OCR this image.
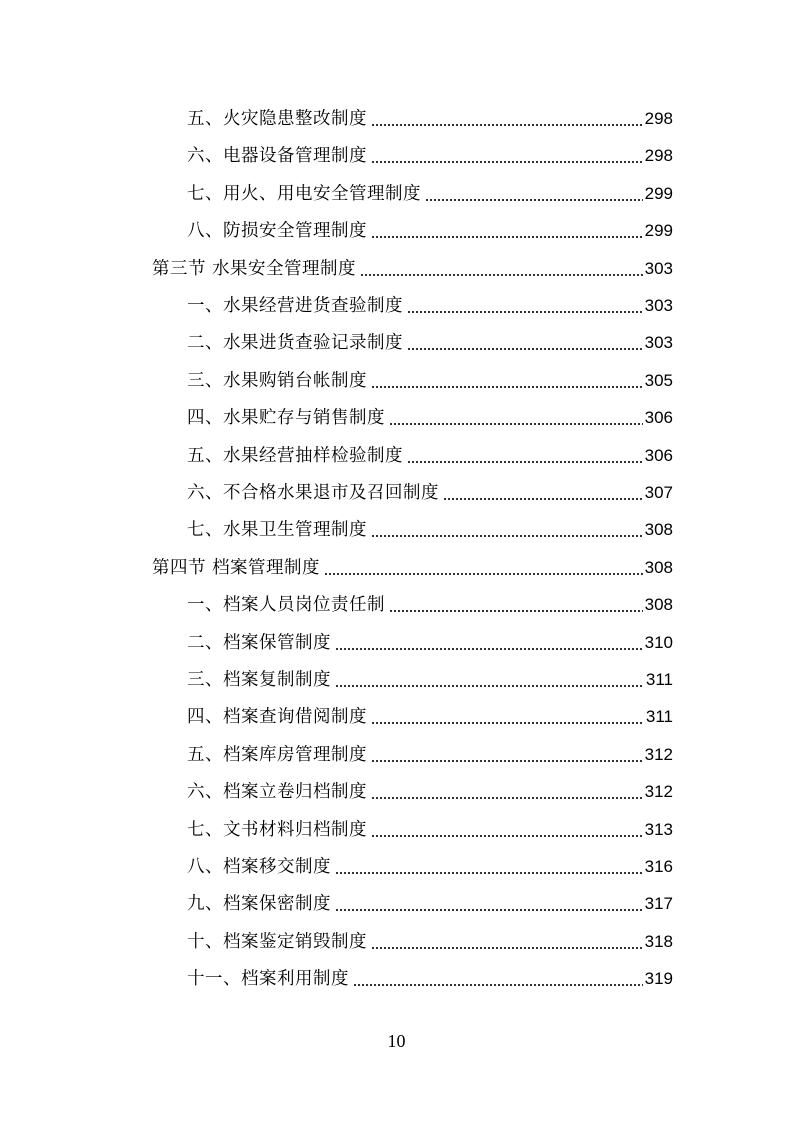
五、火灾隐患整改制度	298
六、电器设备管理制度	298
七、用火、用电安全管理制度	299
八、防损安全管理制度	299
第三节 水果安全管理制度	303
一、水果经营进货查验制度	303
二、水果进货查验记录制度	303
三、水果购销台帐制度	305
四、水果贮存与销售制度	306
五、水果经营抽样检验制度	306
六、不合格水果退市及召回制度	307
七、水果卫生管理制度	308
第四节 档案管理制度	308
一、档案人员岗位责任制	308
二、档案保管制度	310
三、档案复制制度	311
四、档案查询借阅制度	311
五、档案库房管理制度	312
六、档案立卷归档制度	312
七、文书材料归档制度	313
八、档案移交制度	316
九、档案保密制度	317
十、档案鉴定销毁制度	318
十一、档案利用制度	319
10
